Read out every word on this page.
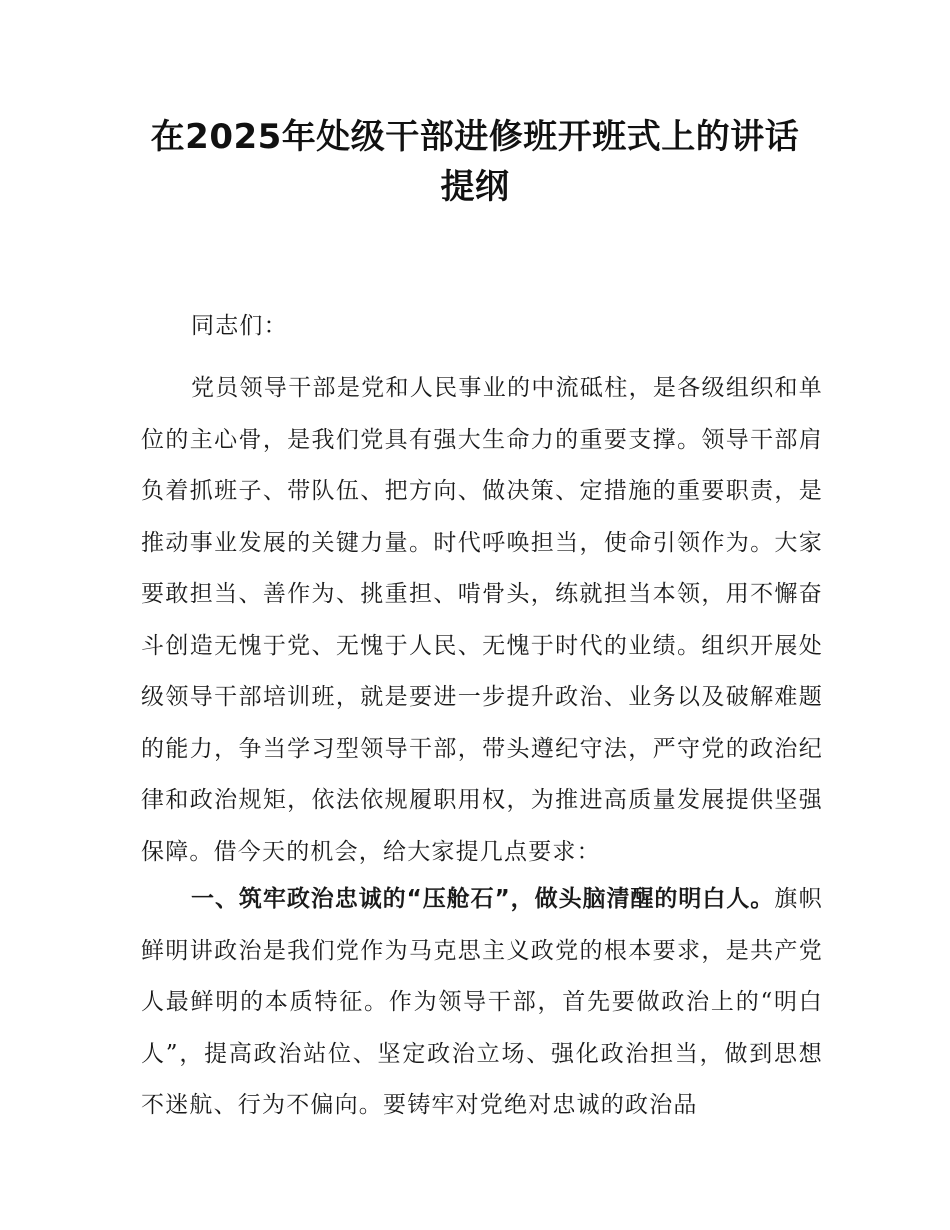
在2025年处级干部进修班开班式上的讲话提纲

同志们：

党员领导干部是党和人民事业的中流砥柱，是各级组织和单位的主心骨，是我们党具有强大生命力的重要支撑。领导干部肩负着抓班子、带队伍、把方向、做决策、定措施的重要职责，是推动事业发展的关键力量。时代呼唤担当，使命引领作为。大家要敢担当、善作为、挑重担、啃骨头，练就担当本领，用不懈奋斗创造无愧于党、无愧于人民、无愧于时代的业绩。组织开展处级领导干部培训班，就是要进一步提升政治、业务以及破解难题的能力，争当学习型领导干部，带头遵纪守法，严守党的政治纪律和政治规矩，依法依规履职用权，为推进高质量发展提供坚强保障。借今天的机会，给大家提几点要求：

一、筑牢政治忠诚的“压舱石”，做头脑清醒的明白人。旗帜鲜明讲政治是我们党作为马克思主义政党的根本要求，是共产党人最鲜明的本质特征。作为领导干部，首先要做政治上的“明白人”，提高政治站位、坚定政治立场、强化政治担当，做到思想不迷航、行为不偏向。要铸牢对党绝对忠诚的政治品
